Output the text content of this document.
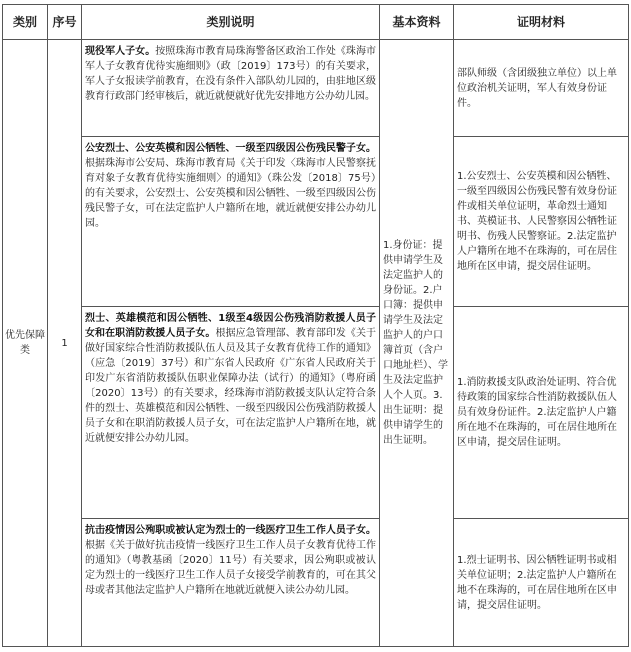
类别	序号	类别说明	基本资料	证明材料
优先保障类	1	现役军人子女。按照珠海市教育局珠海警备区政治工作处《珠海市军人子女教育优待实施细则》（政〔2019〕173号）的有关要求，军人子女报读学前教育，在没有条件入部队幼儿园的，由驻地区级教育行政部门经审核后，就近就便就好优先安排地方公办幼儿园。	1.身份证：提供申请学生及法定监护人的身份证。2.户口簿：提供申请学生及法定监护人的户口簿首页（含户口地址栏）、学生及法定监护人个人页。3.出生证明：提供申请学生的出生证明。	部队师级（含团级独立单位）以上单位政治机关证明，军人有效身份证件。

		公安烈士、公安英模和因公牺牲、一级至四级因公伤残民警子女。根据珠海市公安局、珠海市教育局《关于印发〈珠海市人民警察抚育对象子女教育优待实施细则〉的通知》（珠公发〔2018〕75号）的有关要求，公安烈士、公安英模和因公牺牲、一级至四级因公伤残民警子女，可在法定监护人户籍所在地，就近就便安排公办幼儿园。		1.公安烈士、公安英模和因公牺牲、一级至四级因公伤残民警有效身份证件或相关单位证明，革命烈士通知书、英模证书、人民警察因公牺牲证明书、伤残人民警察证。2.法定监护人户籍所在地不在珠海的，可在居住地所在区申请，提交居住证明。

		烈士、英雄模范和因公牺牲、1级至4级因公伤残消防救援人员子女和在职消防救援人员子女。根据应急管理部、教育部印发《关于做好国家综合性消防救援队伍人员及其子女教育优待工作的通知》（应急〔2019〕37号）和广东省人民政府《广东省人民政府关于印发广东省消防救援队伍职业保障办法（试行）的通知》（粤府函〔2020〕13号）的有关要求，经珠海市消防救援支队认定符合条件的烈士、英雄模范和因公牺牲、一级至四级因公伤残消防救援人员子女和在职消防救援人员子女，可在法定监护人户籍所在地，就近就便安排公办幼儿园。		1.消防救援支队政治处证明、符合优待政策的国家综合性消防救援队伍人员有效身份证件。2.法定监护人户籍所在地不在珠海的，可在居住地所在区申请，提交居住证明。

		抗击疫情因公殉职或被认定为烈士的一线医疗卫生工作人员子女。根据《关于做好抗击疫情一线医疗卫生工作人员子女教育优待工作的通知》（粤教基函〔2020〕11号）有关要求，因公殉职或被认定为烈士的一线医疗卫生工作人员子女接受学前教育的，可在其父母或者其他法定监护人户籍所在地就近就便入读公办幼儿园。		1.烈士证明书、因公牺牲证明书或相关单位证明；2.法定监护人户籍所在地不在珠海的，可在居住地所在区申请，提交居住证明。
